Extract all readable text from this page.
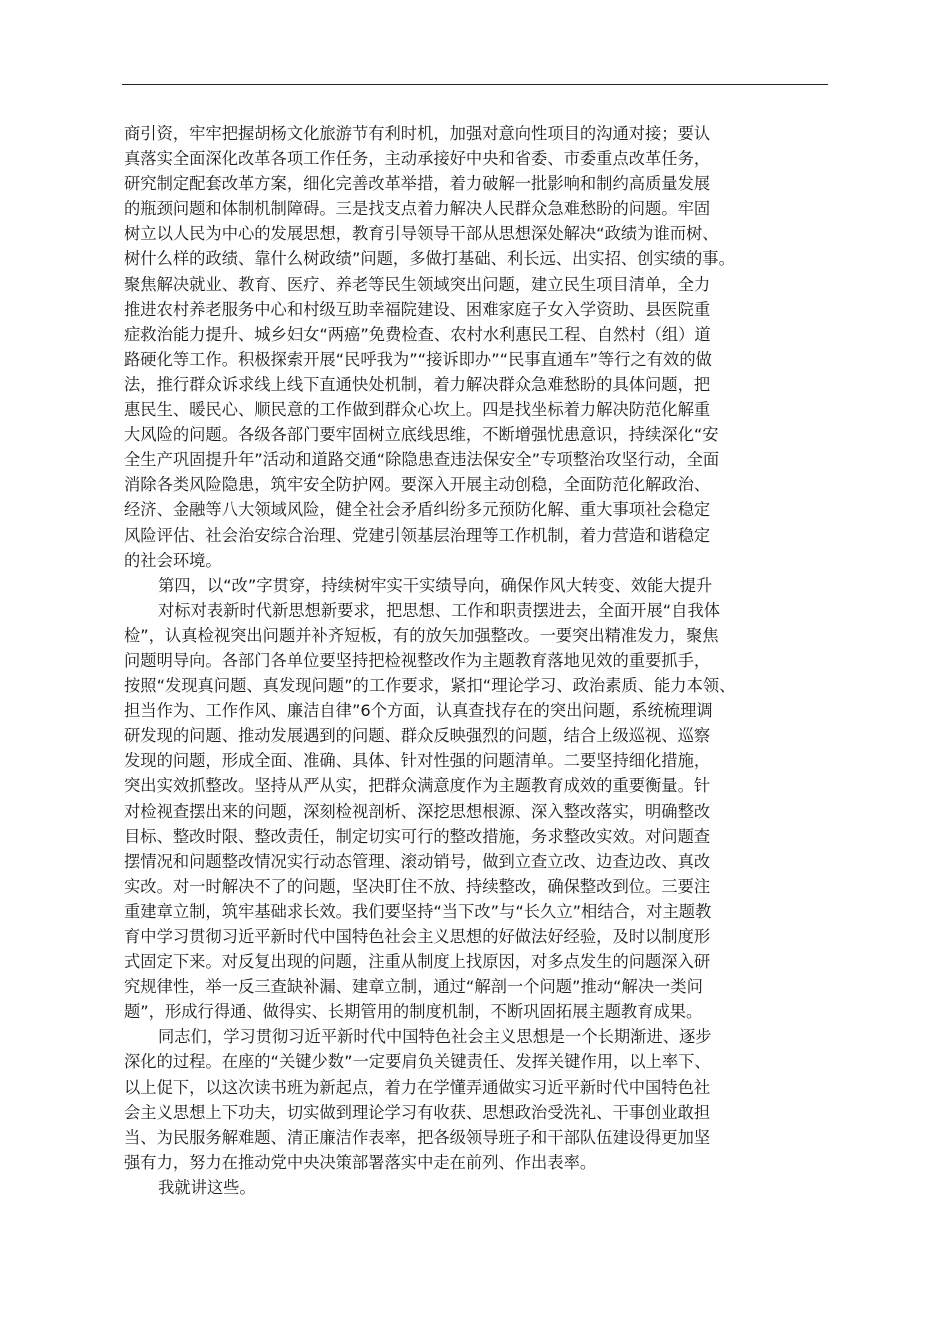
商引资，牢牢把握胡杨文化旅游节有利时机，加强对意向性项目的沟通对接；要认
真落实全面深化改革各项工作任务，主动承接好中央和省委、市委重点改革任务，
研究制定配套改革方案，细化完善改革举措，着力破解一批影响和制约高质量发展
的瓶颈问题和体制机制障碍。三是找支点着力解决人民群众急难愁盼的问题。牢固
树立以人民为中心的发展思想，教育引导领导干部从思想深处解决“政绩为谁而树、
树什么样的政绩、靠什么树政绩”问题，多做打基础、利长远、出实招、创实绩的事。
聚焦解决就业、教育、医疗、养老等民生领域突出问题，建立民生项目清单，全力
推进农村养老服务中心和村级互助幸福院建设、困难家庭子女入学资助、县医院重
症救治能力提升、城乡妇女“两癌”免费检查、农村水利惠民工程、自然村（组）道
路硬化等工作。积极探索开展“民呼我为”“接诉即办”“民事直通车”等行之有效的做
法，推行群众诉求线上线下直通快处机制，着力解决群众急难愁盼的具体问题，把
惠民生、暖民心、顺民意的工作做到群众心坎上。四是找坐标着力解决防范化解重
大风险的问题。各级各部门要牢固树立底线思维，不断增强忧患意识，持续深化“安
全生产巩固提升年”活动和道路交通“除隐患查违法保安全”专项整治攻坚行动，全面
消除各类风险隐患，筑牢安全防护网。要深入开展主动创稳，全面防范化解政治、
经济、金融等八大领域风险，健全社会矛盾纠纷多元预防化解、重大事项社会稳定
风险评估、社会治安综合治理、党建引领基层治理等工作机制，着力营造和谐稳定
的社会环境。
第四，以“改”字贯穿，持续树牢实干实绩导向，确保作风大转变、效能大提升
对标对表新时代新思想新要求，把思想、工作和职责摆进去，全面开展“自我体
检”，认真检视突出问题并补齐短板，有的放矢加强整改。一要突出精准发力，聚焦
问题明导向。各部门各单位要坚持把检视整改作为主题教育落地见效的重要抓手，
按照“发现真问题、真发现问题”的工作要求，紧扣“理论学习、政治素质、能力本领、
担当作为、工作作风、廉洁自律”6个方面，认真查找存在的突出问题，系统梳理调
研发现的问题、推动发展遇到的问题、群众反映强烈的问题，结合上级巡视、巡察
发现的问题，形成全面、准确、具体、针对性强的问题清单。二要坚持细化措施，
突出实效抓整改。坚持从严从实，把群众满意度作为主题教育成效的重要衡量。针
对检视查摆出来的问题，深刻检视剖析、深挖思想根源、深入整改落实，明确整改
目标、整改时限、整改责任，制定切实可行的整改措施，务求整改实效。对问题查
摆情况和问题整改情况实行动态管理、滚动销号，做到立查立改、边查边改、真改
实改。对一时解决不了的问题，坚决盯住不放、持续整改，确保整改到位。三要注
重建章立制，筑牢基础求长效。我们要坚持“当下改”与“长久立”相结合，对主题教
育中学习贯彻习近平新时代中国特色社会主义思想的好做法好经验，及时以制度形
式固定下来。对反复出现的问题，注重从制度上找原因，对多点发生的问题深入研
究规律性，举一反三查缺补漏、建章立制，通过“解剖一个问题”推动“解决一类问
题”，形成行得通、做得实、长期管用的制度机制，不断巩固拓展主题教育成果。
同志们，学习贯彻习近平新时代中国特色社会主义思想是一个长期渐进、逐步
深化的过程。在座的“关键少数”一定要肩负关键责任、发挥关键作用，以上率下、
以上促下，以这次读书班为新起点，着力在学懂弄通做实习近平新时代中国特色社
会主义思想上下功夫，切实做到理论学习有收获、思想政治受洗礼、干事创业敢担
当、为民服务解难题、清正廉洁作表率，把各级领导班子和干部队伍建设得更加坚
强有力，努力在推动党中央决策部署落实中走在前列、作出表率。
我就讲这些。
